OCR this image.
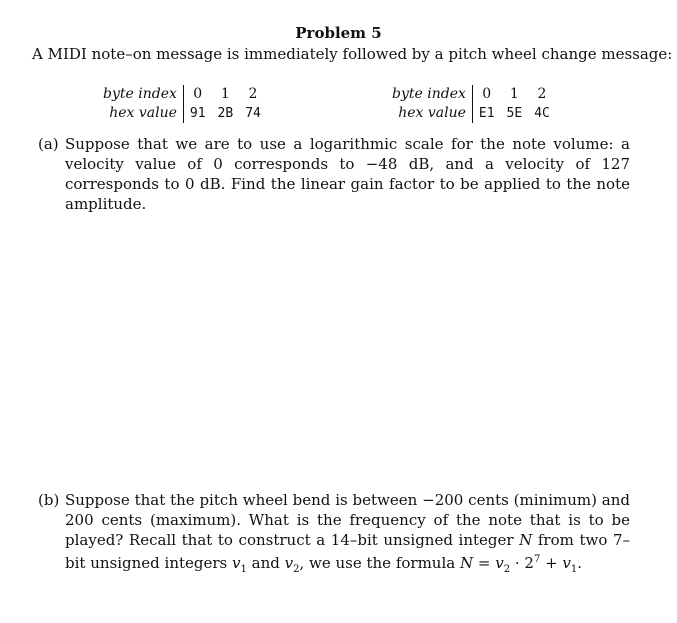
Problem 5
A MIDI note–on message is immediately followed by a pitch wheel change message:
byte index	0	1	2
hex value	91	2B	74
byte index	0	1	2
hex value	E1	5E	4C
(a) Suppose that we are to use a logarithmic scale for the note volume: a velocity value of 0 corresponds to −48 dB, and a velocity of 127 corresponds to 0 dB. Find the linear gain factor to be applied to the note amplitude.
(b) Suppose that the pitch wheel bend is between −200 cents (minimum) and 200 cents (maximum). What is the frequency of the note that is to be played? Recall that to construct a 14–bit unsigned integer N from two 7–bit unsigned integers $v_1$ and $v_2$, we use the formula $N = v_2 \cdot 2^7 + v_1$.
